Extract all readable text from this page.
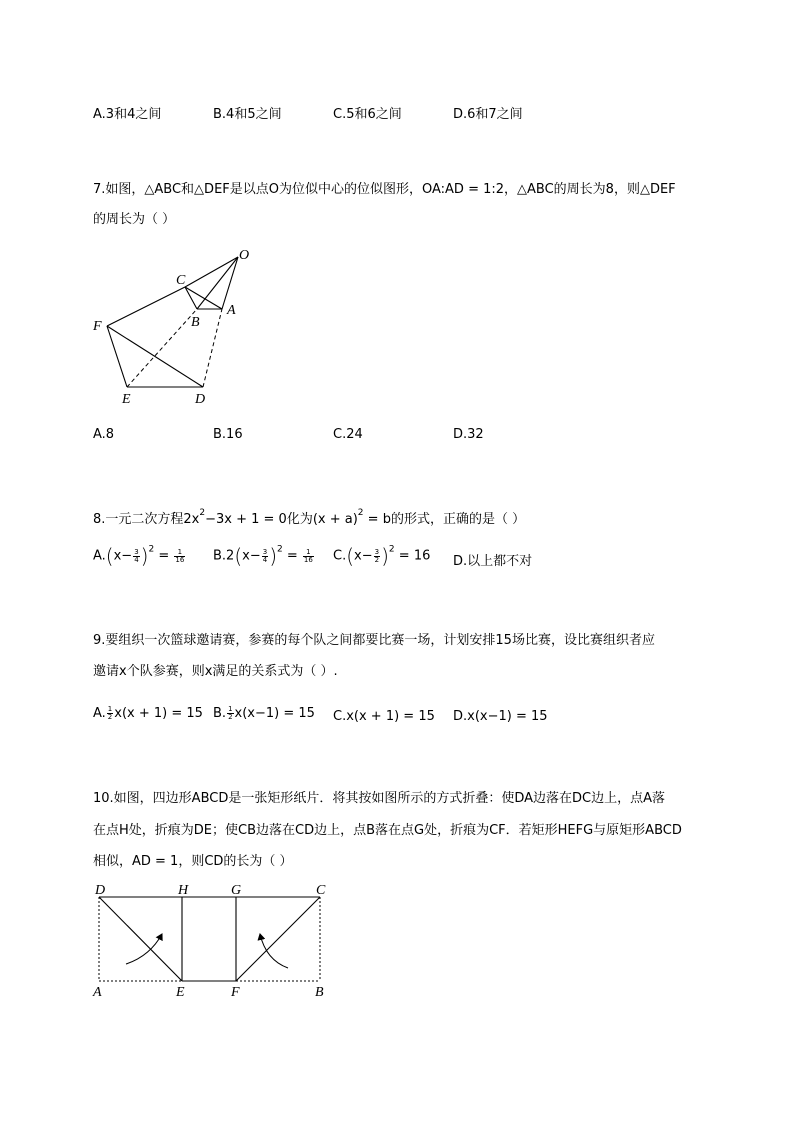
A.3和4之间	B.4和5之间	C.5和6之间	D.6和7之间
7.如图，△ABC和△DEF是以点O为位似中心的位似图形，OA:AD = 1:2，△ABC的周长为8，则△DEF
的周长为（ ）
O
C
B
A
F
E	D
A.8	B.16	C.24	D.32
8.一元二次方程$2x^2-3x + 1 = 0$化为$(x + a)^2 = b$的形式，正确的是（ ）
$A.(x- \frac{3}{4} )^2 = \frac{1}{16} B.2(x- \frac{3}{4} )^2 = \frac{1}{16} C.(x- \frac{3}{2} )^2 = 16$ D.以上都不对
9.要组织一次篮球邀请赛，参赛的每个队之间都要比赛一场，计划安排15场比赛，设比赛组织者应
邀请x个队参赛，则x满足的关系式为（ ）.
A. $\frac{1}{2} x(x + 1) = 15$ B. $\frac{1}{2} x(x-1) = 15$ C.x(x + 1) = 15 D.x(x−1) = 15
10.如图，四边形ABCD是一张矩形纸片．将其按如图所示的方式折叠：使DA边落在DC边上，点A落
在点H处，折痕为DE；使CB边落在CD边上，点B落在点G处，折痕为CF．若矩形HEFG与原矩形ABCD
相似，AD = 1，则CD的长为（ ）
D	H	G	C
A	E	F	B
